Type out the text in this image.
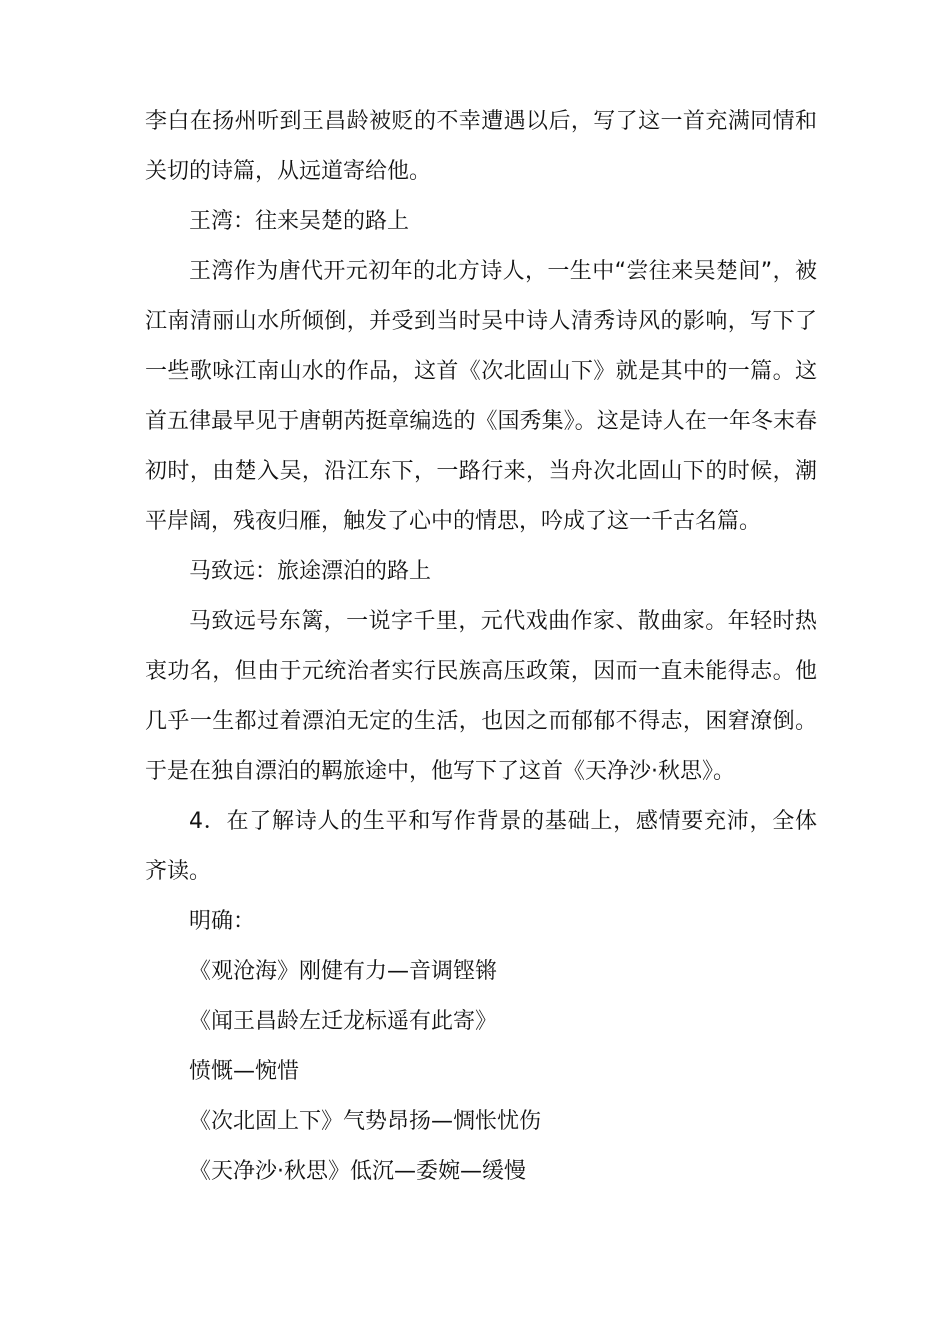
李白在扬州听到王昌龄被贬的不幸遭遇以后，写了这一首充满同情和关切的诗篇，从远道寄给他。

王湾：往来吴楚的路上

王湾作为唐代开元初年的北方诗人，一生中“尝往来吴楚间”，被江南清丽山水所倾倒，并受到当时吴中诗人清秀诗风的影响，写下了一些歌咏江南山水的作品，这首《次北固山下》就是其中的一篇。这首五律最早见于唐朝芮挺章编选的《国秀集》。这是诗人在一年冬末春初时，由楚入吴，沿江东下，一路行来，当舟次北固山下的时候，潮平岸阔，残夜归雁，触发了心中的情思，吟成了这一千古名篇。

马致远：旅途漂泊的路上

马致远号东篱，一说字千里，元代戏曲作家、散曲家。年轻时热衷功名，但由于元统治者实行民族高压政策，因而一直未能得志。他几乎一生都过着漂泊无定的生活，也因之而郁郁不得志，困窘潦倒。于是在独自漂泊的羁旅途中，他写下了这首《天净沙·秋思》。

4．在了解诗人的生平和写作背景的基础上，感情要充沛，全体齐读。

明确：

《观沧海》刚健有力—音调铿锵

《闻王昌龄左迁龙标遥有此寄》

愤慨—惋惜

《次北固上下》气势昂扬—惆怅忧伤

《天净沙·秋思》低沉—委婉—缓慢
